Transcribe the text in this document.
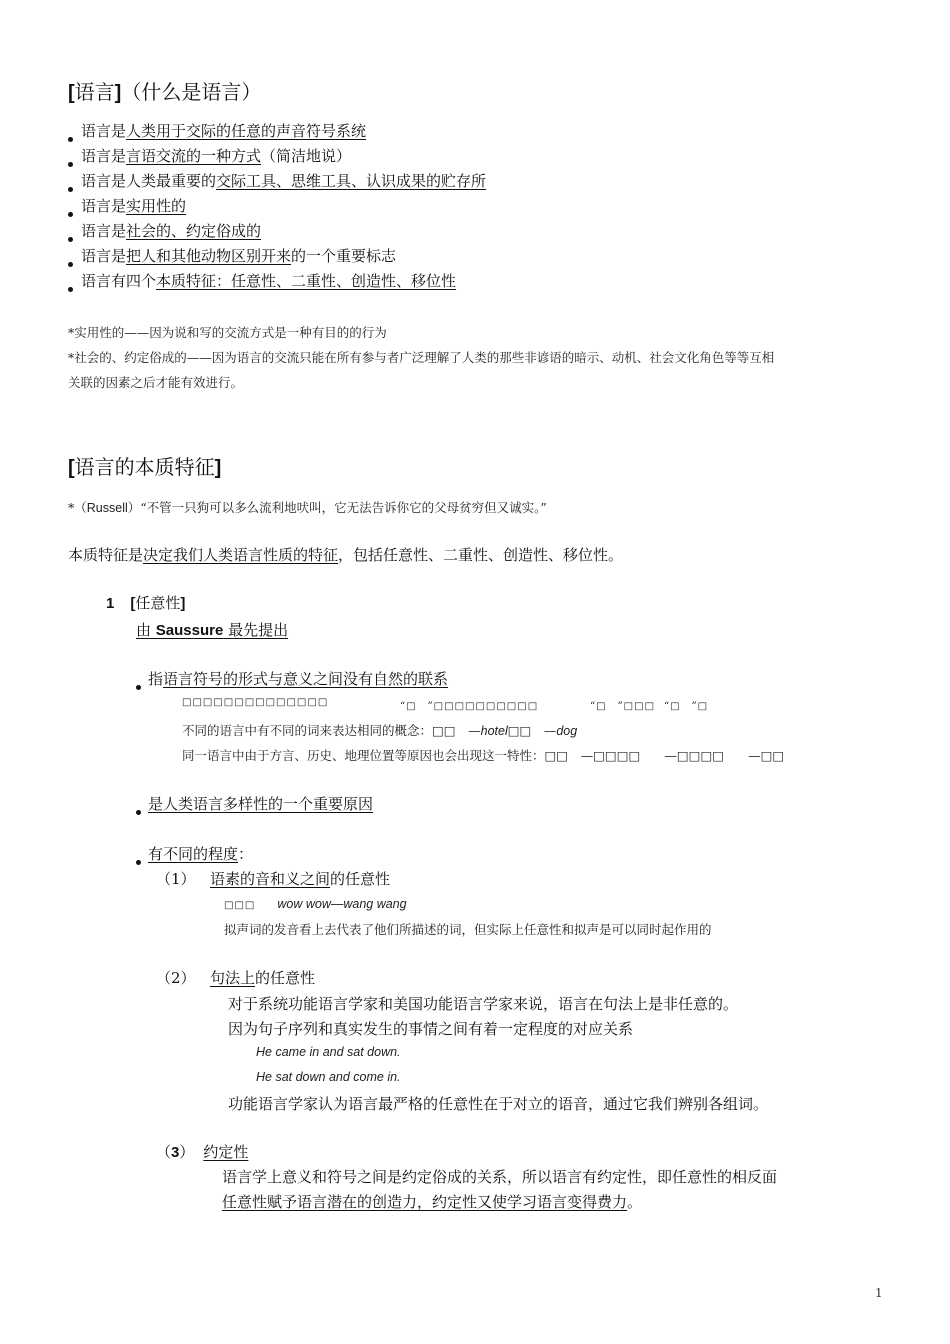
[语言]（什么是语言）
语言是人类用于交际的任意的声音符号系统
语言是言语交流的一种方式（简洁地说）
语言是人类最重要的交际工具、思维工具、认识成果的贮存所
语言是实用性的
语言是社会的、约定俗成的
语言是把人和其他动物区别开来的一个重要标志
语言有四个本质特征：任意性、二重性、创造性、移位性
*实用性的——因为说和写的交流方式是一种有目的的行为
*社会的、约定俗成的——因为语言的交流只能在所有参与者广泛理解了人类的那些非谚语的暗示、动机、社会文化角色等等互相
关联的因素之后才能有效进行。
[语言的本质特征]
*（Russell）“不管一只狗可以多么流利地吠叫，它无法告诉你它的父母贫穷但又诚实。”
本质特征是决定我们人类语言性质的特征，包括任意性、二重性、创造性、移位性。
1 [任意性]
由 Saussure 最先提出
指语言符号的形式与意义之间没有自然的联系
□□□□□□□□□□□□□□	“□　”□□□□□□□□□□	“□　”□□□ “□　”□
不同的语言中有不同的词来表达相同的概念：□□　—hotel□□　—dog
同一语言中由于方言、历史、地理位置等原因也会出现这一特性：□□　—□□□□ —□□□□ —□□
是人类语言多样性的一个重要原因
有不同的程度：
（1） 语素的音和义之间的任意性
□□□ wow wow—wang wang
拟声词的发音看上去代表了他们所描述的词，但实际上任意性和拟声是可以同时起作用的
（2） 句法上的任意性
对于系统功能语言学家和美国功能语言学家来说，语言在句法上是非任意的。
因为句子序列和真实发生的事情之间有着一定程度的对应关系
He came in and sat down.
He sat down and come in.
功能语言学家认为语言最严格的任意性在于对立的语音，通过它我们辨别各组词。
（3） 约定性
语言学上意义和符号之间是约定俗成的关系，所以语言有约定性，即任意性的相反面
任意性赋予语言潜在的创造力，约定性又使学习语言变得费力。
1
